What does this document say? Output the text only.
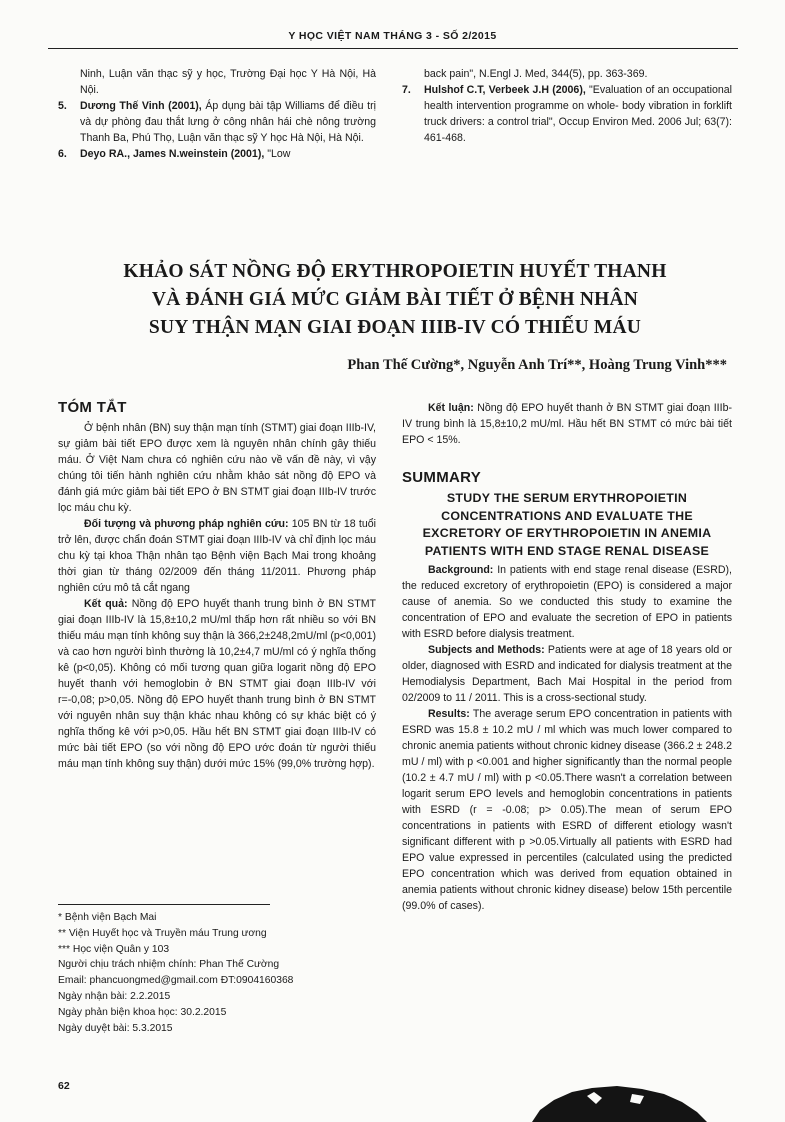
Y HỌC VIỆT NAM THÁNG 3 - SỐ 2/2015

Ninh, Luận văn thạc sỹ y học, Trường Đại học Y Hà Nội, Hà Nội.

5.	Dương Thế Vinh (2001), Áp dụng bài tập Williams để điều trị và dự phòng đau thắt lưng ở công nhân hái chè nông trường Thanh Ba, Phú Thọ, Luận văn thạc sỹ Y học Hà Nội, Hà Nội.
6.	Deyo RA., James N.weinstein (2001), "Low

back pain", N.Engl J. Med, 344(5), pp. 363-369.

7.	Hulshof C.T, Verbeek J.H (2006), "Evaluation of an occupational health intervention programme on whole- body vibration in forklift truck drivers: a control trial", Occup Environ Med. 2006 Jul; 63(7): 461-468.
KHẢO SÁT NỒNG ĐỘ ERYTHROPOIETIN HUYẾT THANH
VÀ ĐÁNH GIÁ MỨC GIẢM BÀI TIẾT Ở BỆNH NHÂN
SUY THẬN MẠN GIAI ĐOẠN IIIB-IV CÓ THIẾU MÁU
Phan Thế Cường*, Nguyễn Anh Trí**, Hoàng Trung Vinh***
TÓM TẮT

Ở bệnh nhân (BN) suy thận mạn tính (STMT) giai đoạn IIIb-IV, sự giảm bài tiết EPO được xem là nguyên nhân chính gây thiếu máu. Ở Việt Nam chưa có nghiên cứu nào về vấn đề này, vì vậy chúng tôi tiến hành nghiên cứu nhằm khảo sát nồng độ EPO và đánh giá mức giảm bài tiết EPO ở BN STMT giai đoạn IIIb-IV trước lọc máu chu kỳ.

Đối tượng và phương pháp nghiên cứu: 105 BN từ 18 tuổi trở lên, được chẩn đoán STMT giai đoạn IIIb-IV và chỉ định lọc máu chu kỳ tại khoa Thận nhân tạo Bệnh viện Bạch Mai trong khoảng thời gian từ tháng 02/2009 đến tháng 11/2011. Phương pháp nghiên cứu mô tả cắt ngang

Kết quả: Nồng độ EPO huyết thanh trung bình ở BN STMT giai đoạn IIIb-IV là 15,8±10,2 mU/ml thấp hơn rất nhiều so với BN thiếu máu mạn tính không suy thận là 366,2±248,2mU/ml (p<0,001) và cao hơn người bình thường là 10,2±4,7 mU/ml có ý nghĩa thống kê (p<0,05). Không có mối tương quan giữa logarit nồng độ EPO huyết thanh với hemoglobin ở BN STMT giai đoạn IIIb-IV với r=-0,08; p>0,05. Nồng độ EPO huyết thanh trung bình ở BN STMT với nguyên nhân suy thận khác nhau không có sự khác biệt có ý nghĩa thống kê với p>0,05. Hầu hết BN STMT giai đoạn IIIb-IV có mức bài tiết EPO (so với nồng độ EPO ước đoán từ người thiếu máu mạn tính không suy thận) dưới mức 15% (99,0% trường hợp).

Kết luận: Nồng độ EPO huyết thanh ở BN STMT giai đoạn IIIb-IV trung bình là 15,8±10,2 mU/ml. Hầu hết BN STMT có mức bài tiết EPO < 15%.

SUMMARY
STUDY THE SERUM ERYTHROPOIETIN CONCENTRATIONS AND EVALUATE THE EXCRETORY OF ERYTHROPOIETIN IN ANEMIA PATIENTS WITH END STAGE RENAL DISEASE

Background: In patients with end stage renal disease (ESRD), the reduced excretory of erythropoietin (EPO) is considered a major cause of anemia. So we conducted this study to examine the concentration of EPO and evaluate the secretion of EPO in patients with ESRD before dialysis treatment.

Subjects and Methods: Patients were at age of 18 years old or older, diagnosed with ESRD and indicated for dialysis treatment at the Hemodialysis Department, Bach Mai Hospital in the period from 02/2009 to 11 / 2011. This is a cross-sectional study.

Results: The average serum EPO concentration in patients with ESRD was 15.8 ± 10.2 mU / ml which was much lower compared to chronic anemia patients without chronic kidney disease (366.2 ± 248.2 mU / ml) with p <0.001 and higher significantly than the normal people (10.2 ± 4.7 mU / ml) with p <0.05.There wasn't a correlation between logarit serum EPO levels and hemoglobin concentrations in patients with ESRD (r = -0.08; p> 0.05).The mean of serum EPO concentrations in patients with ESRD of different etiology wasn't significant different with p >0.05.Virtually all patients with ESRD had EPO value expressed in percentiles (calculated using the predicted EPO concentration which was derived from equation obtained in anemia patients without chronic kidney disease) below 15th percentile (99.0% of cases).

* Bệnh viện Bạch Mai

** Viện Huyết học và Truyền máu Trung ương

*** Học viện Quân y 103

Người chịu trách nhiệm chính: Phan Thế Cường

Email: phancuongmed@gmail.com ĐT:0904160368

Ngày nhận bài: 2.2.2015

Ngày phản biện khoa học: 30.2.2015

Ngày duyệt bài: 5.3.2015

62
